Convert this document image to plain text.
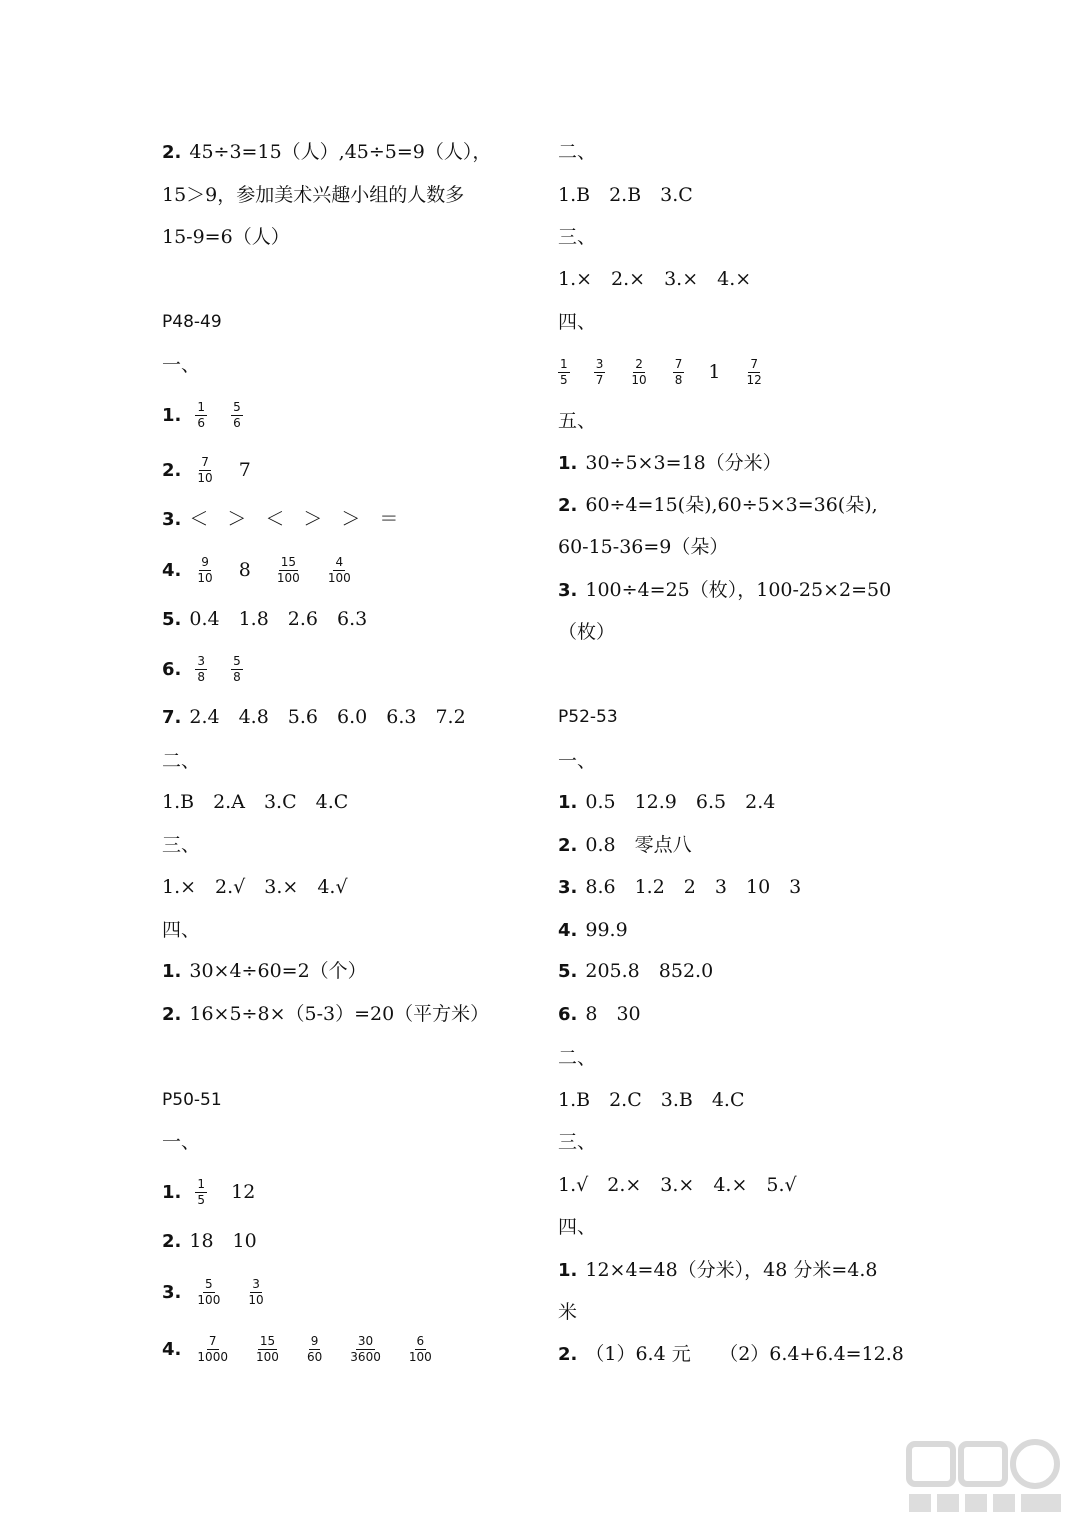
2. 45÷3=15（人）,45÷5=9（人），
15＞9，参加美术兴趣小组的人数多
15-9=6（人）
P48-49
一、
1. $\frac{1}{6}$
$\frac{5}{6}$
2. $\frac{7}{10} 7$
3. ＜　＞　＜　＞　＞　＝
4. $\frac{9}{10} 8 \frac{15}{100}$
$\frac{4}{100}$
5. 0.4　1.8　2.6　6.3
6. $\frac{3}{8}$
$\frac{5}{8}$
7. 2.4　4.8　5.6　6.0　6.3　7.2
二、
1.B　2.A　3.C　4.C
三、
1.×　2.√　3.×　4.√
四、
1. 30×4÷60=2（个）
2. 16×5÷8×（5-3）=20（平方米）
P50-51
一、
1. $\frac{1}{5} 12$
2. 18　10
3. $\frac{5}{100}$
$\frac{3}{10}$
4. $\frac{7}{1000}$
$\frac{15}{100}$
$\frac{9}{60}$
$\frac{30}{3600}$
$\frac{6}{100}$
二、
1.B　2.B　3.C
三、
1.×　2.×　3.×　4.×
四、
$\frac{1}{5}$
$\frac{3}{7}$
$\frac{2}{10}$
$\frac{7}{8} 1 \frac{7}{12}$
五、
1. 30÷5×3=18（分米）
2. 60÷4=15(朵),60÷5×3=36(朵),
60-15-36=9（朵）
3. 100÷4=25（枚），100-25×2=50
（枚）
P52-53
一、
1. 0.5　12.9　6.5　2.4
2. 0.8　零点八
3. 8.6　1.2　2　3　10　3
4. 99.9
5. 205.8　852.0
6. 8　30
二、
1.B　2.C　3.B　4.C
三、
1.√　2.×　3.×　4.×　5.√
四、
1. 12×4=48（分米），48 分米=4.8
米
2. （1）6.4 元　　（2）6.4+6.4=12.8
